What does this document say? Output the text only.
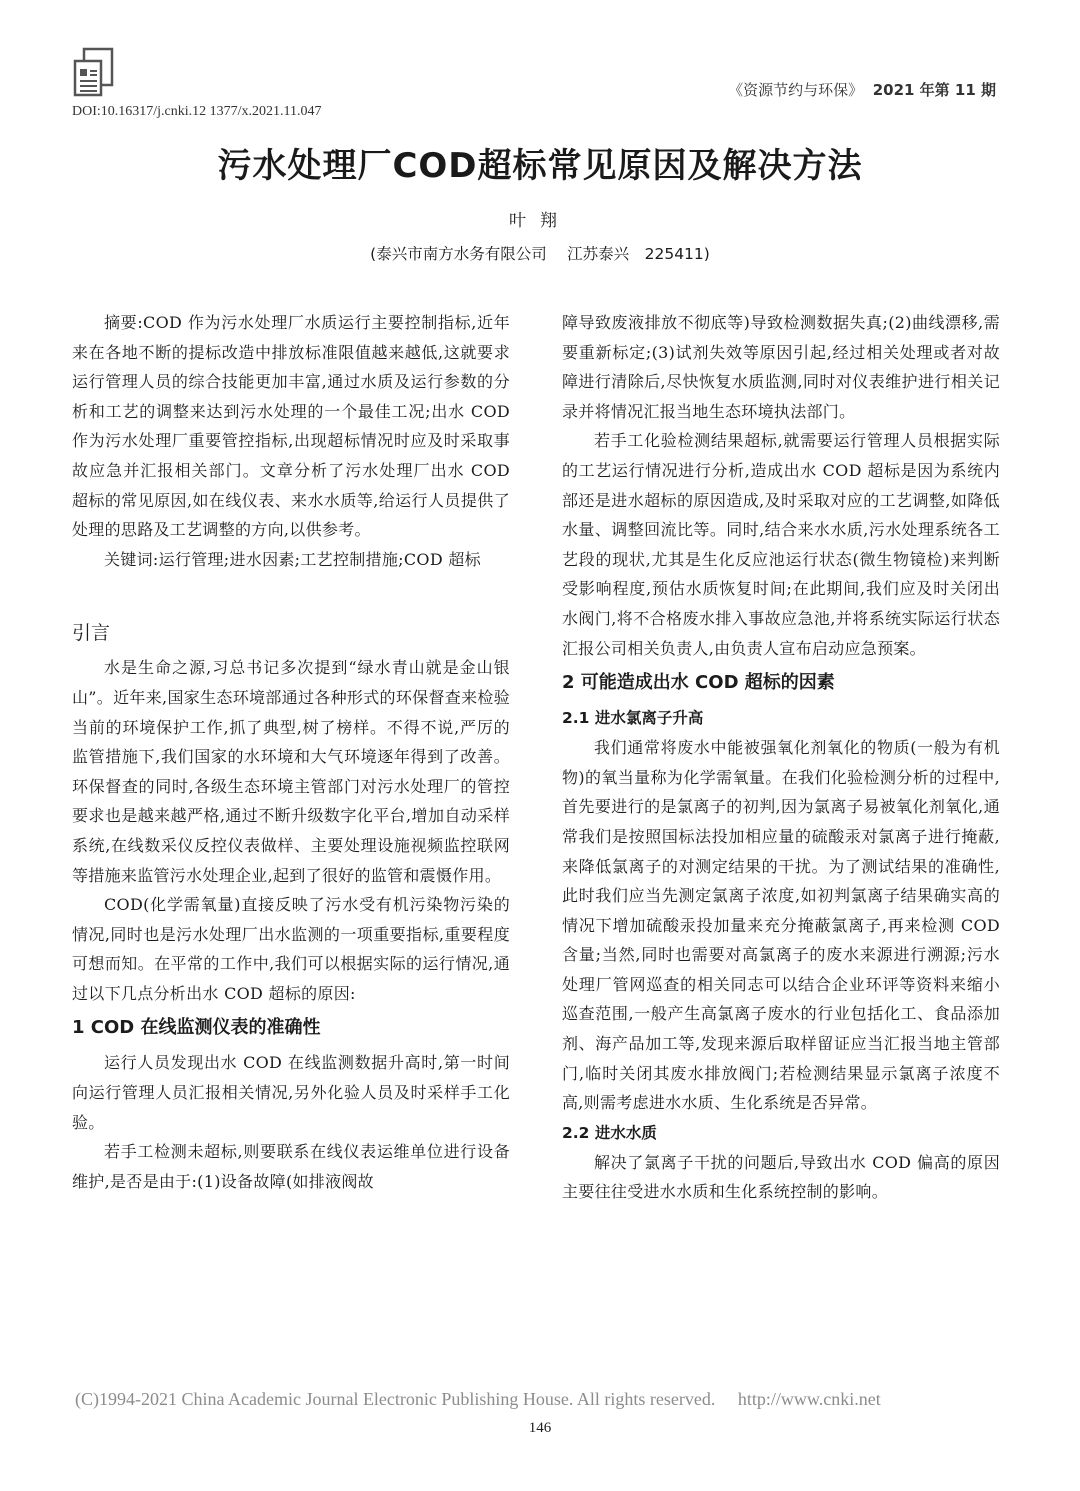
《资源节约与环保》 2021 年第 11 期
DOI:10.16317/j.cnki.12 1377/x.2021.11.047
污水处理厂COD超标常见原因及解决方法
叶翔
(泰兴市南方水务有限公司　 江苏泰兴　225411)

摘要:COD 作为污水处理厂水质运行主要控制指标,近年来在各地不断的提标改造中排放标准限值越来越低,这就要求运行管理人员的综合技能更加丰富,通过水质及运行参数的分析和工艺的调整来达到污水处理的一个最佳工况;出水 COD 作为污水处理厂重要管控指标,出现超标情况时应及时采取事故应急并汇报相关部门。文章分析了污水处理厂出水 COD 超标的常见原因,如在线仪表、来水水质等,给运行人员提供了处理的思路及工艺调整的方向,以供参考。

关键词:运行管理;进水因素;工艺控制措施;COD 超标

引言

水是生命之源,习总书记多次提到“绿水青山就是金山银山”。近年来,国家生态环境部通过各种形式的环保督查来检验当前的环境保护工作,抓了典型,树了榜样。不得不说,严厉的监管措施下,我们国家的水环境和大气环境逐年得到了改善。环保督查的同时,各级生态环境主管部门对污水处理厂的管控要求也是越来越严格,通过不断升级数字化平台,增加自动采样系统,在线数采仪反控仪表做样、主要处理设施视频监控联网等措施来监管污水处理企业,起到了很好的监管和震慑作用。

COD(化学需氧量)直接反映了污水受有机污染物污染的情况,同时也是污水处理厂出水监测的一项重要指标,重要程度可想而知。在平常的工作中,我们可以根据实际的运行情况,通过以下几点分析出水 COD 超标的原因:

1 COD 在线监测仪表的准确性

运行人员发现出水 COD 在线监测数据升高时,第一时间向运行管理人员汇报相关情况,另外化验人员及时采样手工化验。

若手工检测未超标,则要联系在线仪表运维单位进行设备维护,是否是由于:(1)设备故障(如排液阀故

障导致废液排放不彻底等)导致检测数据失真;(2)曲线漂移,需要重新标定;(3)试剂失效等原因引起,经过相关处理或者对故障进行清除后,尽快恢复水质监测,同时对仪表维护进行相关记录并将情况汇报当地生态环境执法部门。

若手工化验检测结果超标,就需要运行管理人员根据实际的工艺运行情况进行分析,造成出水 COD 超标是因为系统内部还是进水超标的原因造成,及时采取对应的工艺调整,如降低水量、调整回流比等。同时,结合来水水质,污水处理系统各工艺段的现状,尤其是生化反应池运行状态(微生物镜检)来判断受影响程度,预估水质恢复时间;在此期间,我们应及时关闭出水阀门,将不合格废水排入事故应急池,并将系统实际运行状态汇报公司相关负责人,由负责人宣布启动应急预案。

2 可能造成出水 COD 超标的因素
2.1 进水氯离子升高

我们通常将废水中能被强氧化剂氧化的物质(一般为有机物)的氧当量称为化学需氧量。在我们化验检测分析的过程中,首先要进行的是氯离子的初判,因为氯离子易被氧化剂氧化,通常我们是按照国标法投加相应量的硫酸汞对氯离子进行掩蔽,来降低氯离子的对测定结果的干扰。为了测试结果的准确性,此时我们应当先测定氯离子浓度,如初判氯离子结果确实高的情况下增加硫酸汞投加量来充分掩蔽氯离子,再来检测 COD 含量;当然,同时也需要对高氯离子的废水来源进行溯源;污水处理厂管网巡查的相关同志可以结合企业环评等资料来缩小巡查范围,一般产生高氯离子废水的行业包括化工、食品添加剂、海产品加工等,发现来源后取样留证应当汇报当地主管部门,临时关闭其废水排放阀门;若检测结果显示氯离子浓度不高,则需考虑进水水质、生化系统是否异常。

2.2 进水水质

解决了氯离子干扰的问题后,导致出水 COD 偏高的原因主要往往受进水水质和生化系统控制的影响。

(C)1994-2021 China Academic Journal Electronic Publishing House. All rights reserved.　 http://www.cnki.net
146
